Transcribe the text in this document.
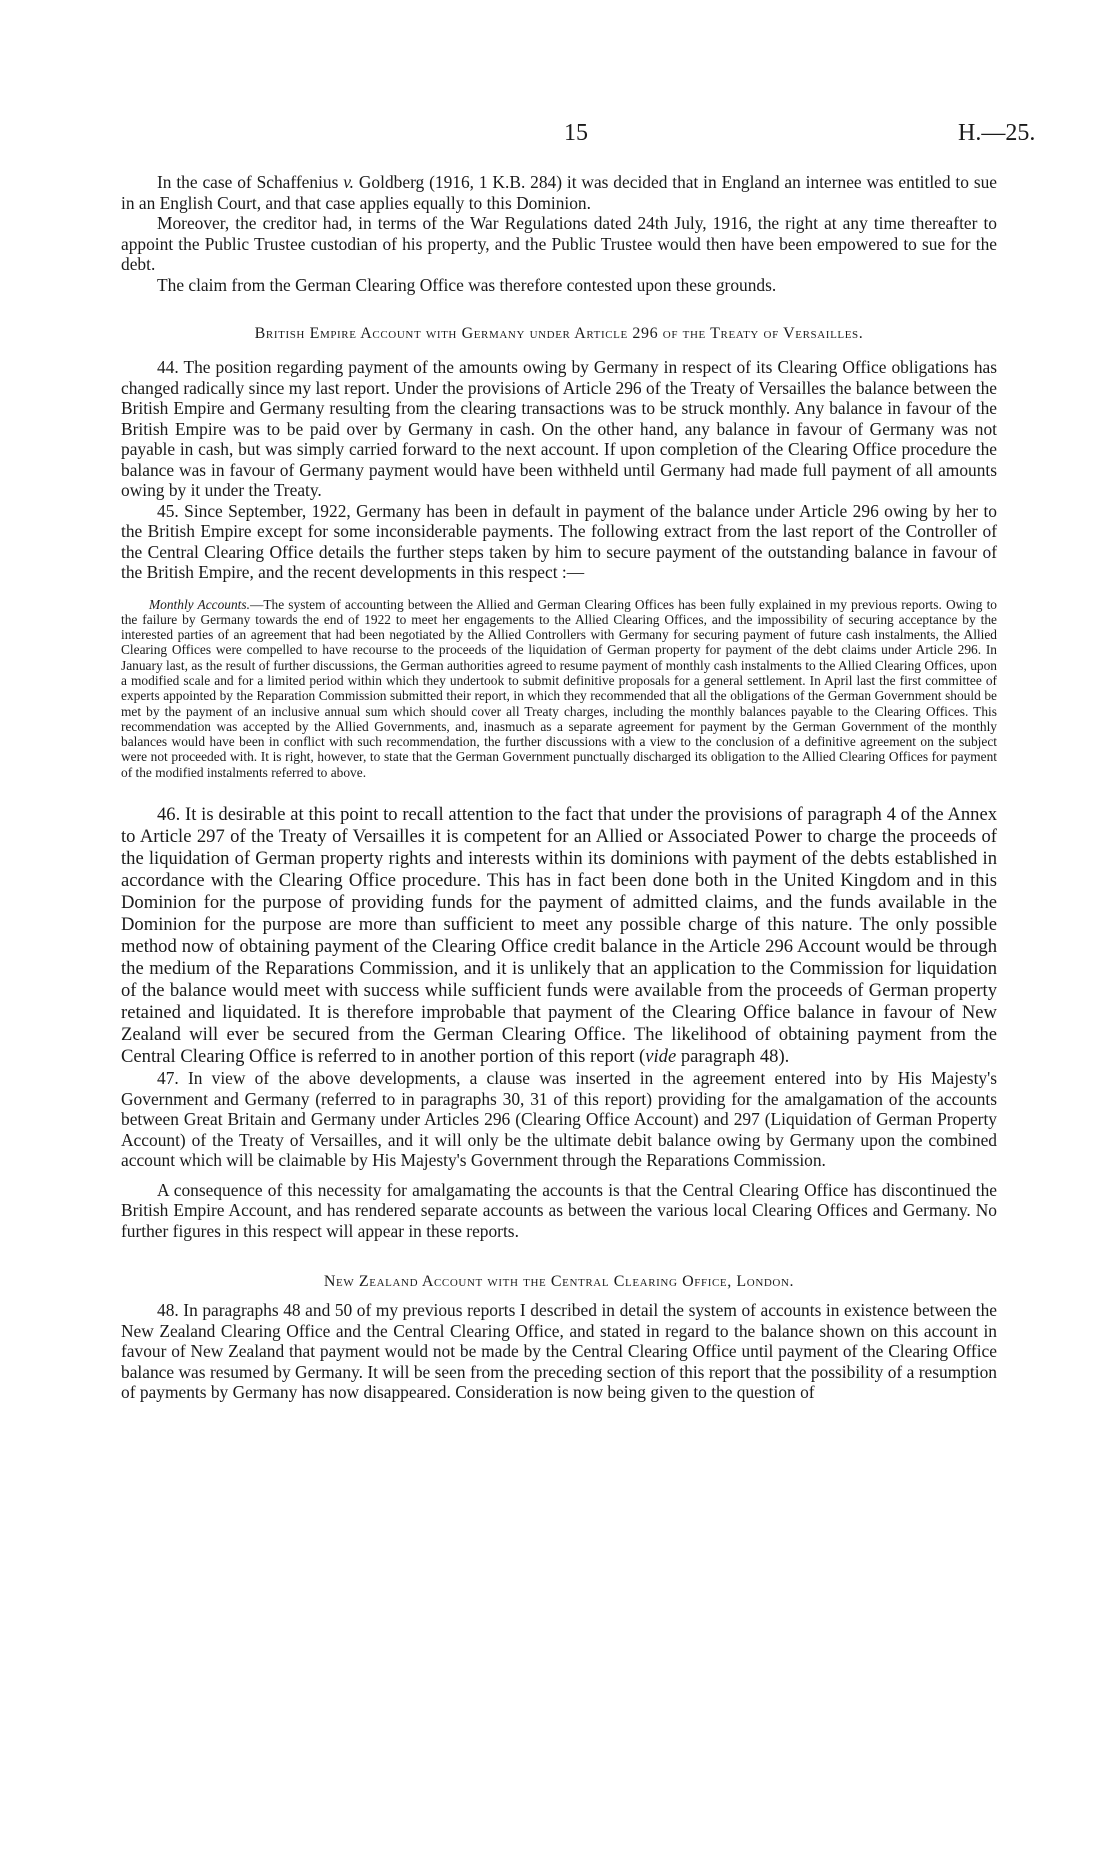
15	H.—25.

In the case of Schaffenius v. Goldberg (1916, 1 K.B. 284) it was decided that in England an internee was entitled to sue in an English Court, and that case applies equally to this Dominion.

Moreover, the creditor had, in terms of the War Regulations dated 24th July, 1916, the right at any time thereafter to appoint the Public Trustee custodian of his property, and the Public Trustee would then have been empowered to sue for the debt.

The claim from the German Clearing Office was therefore contested upon these grounds.

British Empire Account with Germany under Article 296 of the Treaty of Versailles.

44. The position regarding payment of the amounts owing by Germany in respect of its Clearing Office obligations has changed radically since my last report. Under the provisions of Article 296 of the Treaty of Versailles the balance between the British Empire and Germany resulting from the clearing transactions was to be struck monthly. Any balance in favour of the British Empire was to be paid over by Germany in cash. On the other hand, any balance in favour of Germany was not payable in cash, but was simply carried forward to the next account. If upon completion of the Clearing Office procedure the balance was in favour of Germany payment would have been withheld until Germany had made full payment of all amounts owing by it under the Treaty.

45. Since September, 1922, Germany has been in default in payment of the balance under Article 296 owing by her to the British Empire except for some inconsiderable payments. The following extract from the last report of the Controller of the Central Clearing Office details the further steps taken by him to secure payment of the outstanding balance in favour of the British Empire, and the recent developments in this respect :—

Monthly Accounts.—The system of accounting between the Allied and German Clearing Offices has been fully explained in my previous reports. Owing to the failure by Germany towards the end of 1922 to meet her engagements to the Allied Clearing Offices, and the impossibility of securing acceptance by the interested parties of an agreement that had been negotiated by the Allied Controllers with Germany for securing payment of future cash instalments, the Allied Clearing Offices were compelled to have recourse to the proceeds of the liquidation of German property for payment of the debt claims under Article 296. In January last, as the result of further discussions, the German authorities agreed to resume payment of monthly cash instalments to the Allied Clearing Offices, upon a modified scale and for a limited period within which they undertook to submit definitive proposals for a general settlement. In April last the first committee of experts appointed by the Reparation Commission submitted their report, in which they recommended that all the obligations of the German Government should be met by the payment of an inclusive annual sum which should cover all Treaty charges, including the monthly balances payable to the Clearing Offices. This recommendation was accepted by the Allied Governments, and, inasmuch as a separate agreement for payment by the German Government of the monthly balances would have been in conflict with such recommendation, the further discussions with a view to the conclusion of a definitive agreement on the subject were not proceeded with. It is right, however, to state that the German Government punctually discharged its obligation to the Allied Clearing Offices for payment of the modified instalments referred to above.

46. It is desirable at this point to recall attention to the fact that under the provisions of paragraph 4 of the Annex to Article 297 of the Treaty of Versailles it is competent for an Allied or Associated Power to charge the proceeds of the liquidation of German property rights and interests within its dominions with payment of the debts established in accordance with the Clearing Office procedure. This has in fact been done both in the United Kingdom and in this Dominion for the purpose of providing funds for the payment of admitted claims, and the funds available in the Dominion for the purpose are more than sufficient to meet any possible charge of this nature. The only possible method now of obtaining payment of the Clearing Office credit balance in the Article 296 Account would be through the medium of the Reparations Commission, and it is unlikely that an application to the Commission for liquidation of the balance would meet with success while sufficient funds were available from the proceeds of German property retained and liquidated. It is therefore improbable that payment of the Clearing Office balance in favour of New Zealand will ever be secured from the German Clearing Office. The likelihood of obtaining payment from the Central Clearing Office is referred to in another portion of this report (vide paragraph 48).

47. In view of the above developments, a clause was inserted in the agreement entered into by His Majesty's Government and Germany (referred to in paragraphs 30, 31 of this report) providing for the amalgamation of the accounts between Great Britain and Germany under Articles 296 (Clearing Office Account) and 297 (Liquidation of German Property Account) of the Treaty of Versailles, and it will only be the ultimate debit balance owing by Germany upon the combined account which will be claimable by His Majesty's Government through the Reparations Commission.

A consequence of this necessity for amalgamating the accounts is that the Central Clearing Office has discontinued the British Empire Account, and has rendered separate accounts as between the various local Clearing Offices and Germany. No further figures in this respect will appear in these reports.

New Zealand Account with the Central Clearing Office, London.

48. In paragraphs 48 and 50 of my previous reports I described in detail the system of accounts in existence between the New Zealand Clearing Office and the Central Clearing Office, and stated in regard to the balance shown on this account in favour of New Zealand that payment would not be made by the Central Clearing Office until payment of the Clearing Office balance was resumed by Germany. It will be seen from the preceding section of this report that the possibility of a resumption of payments by Germany has now disappeared. Consideration is now being given to the question of
